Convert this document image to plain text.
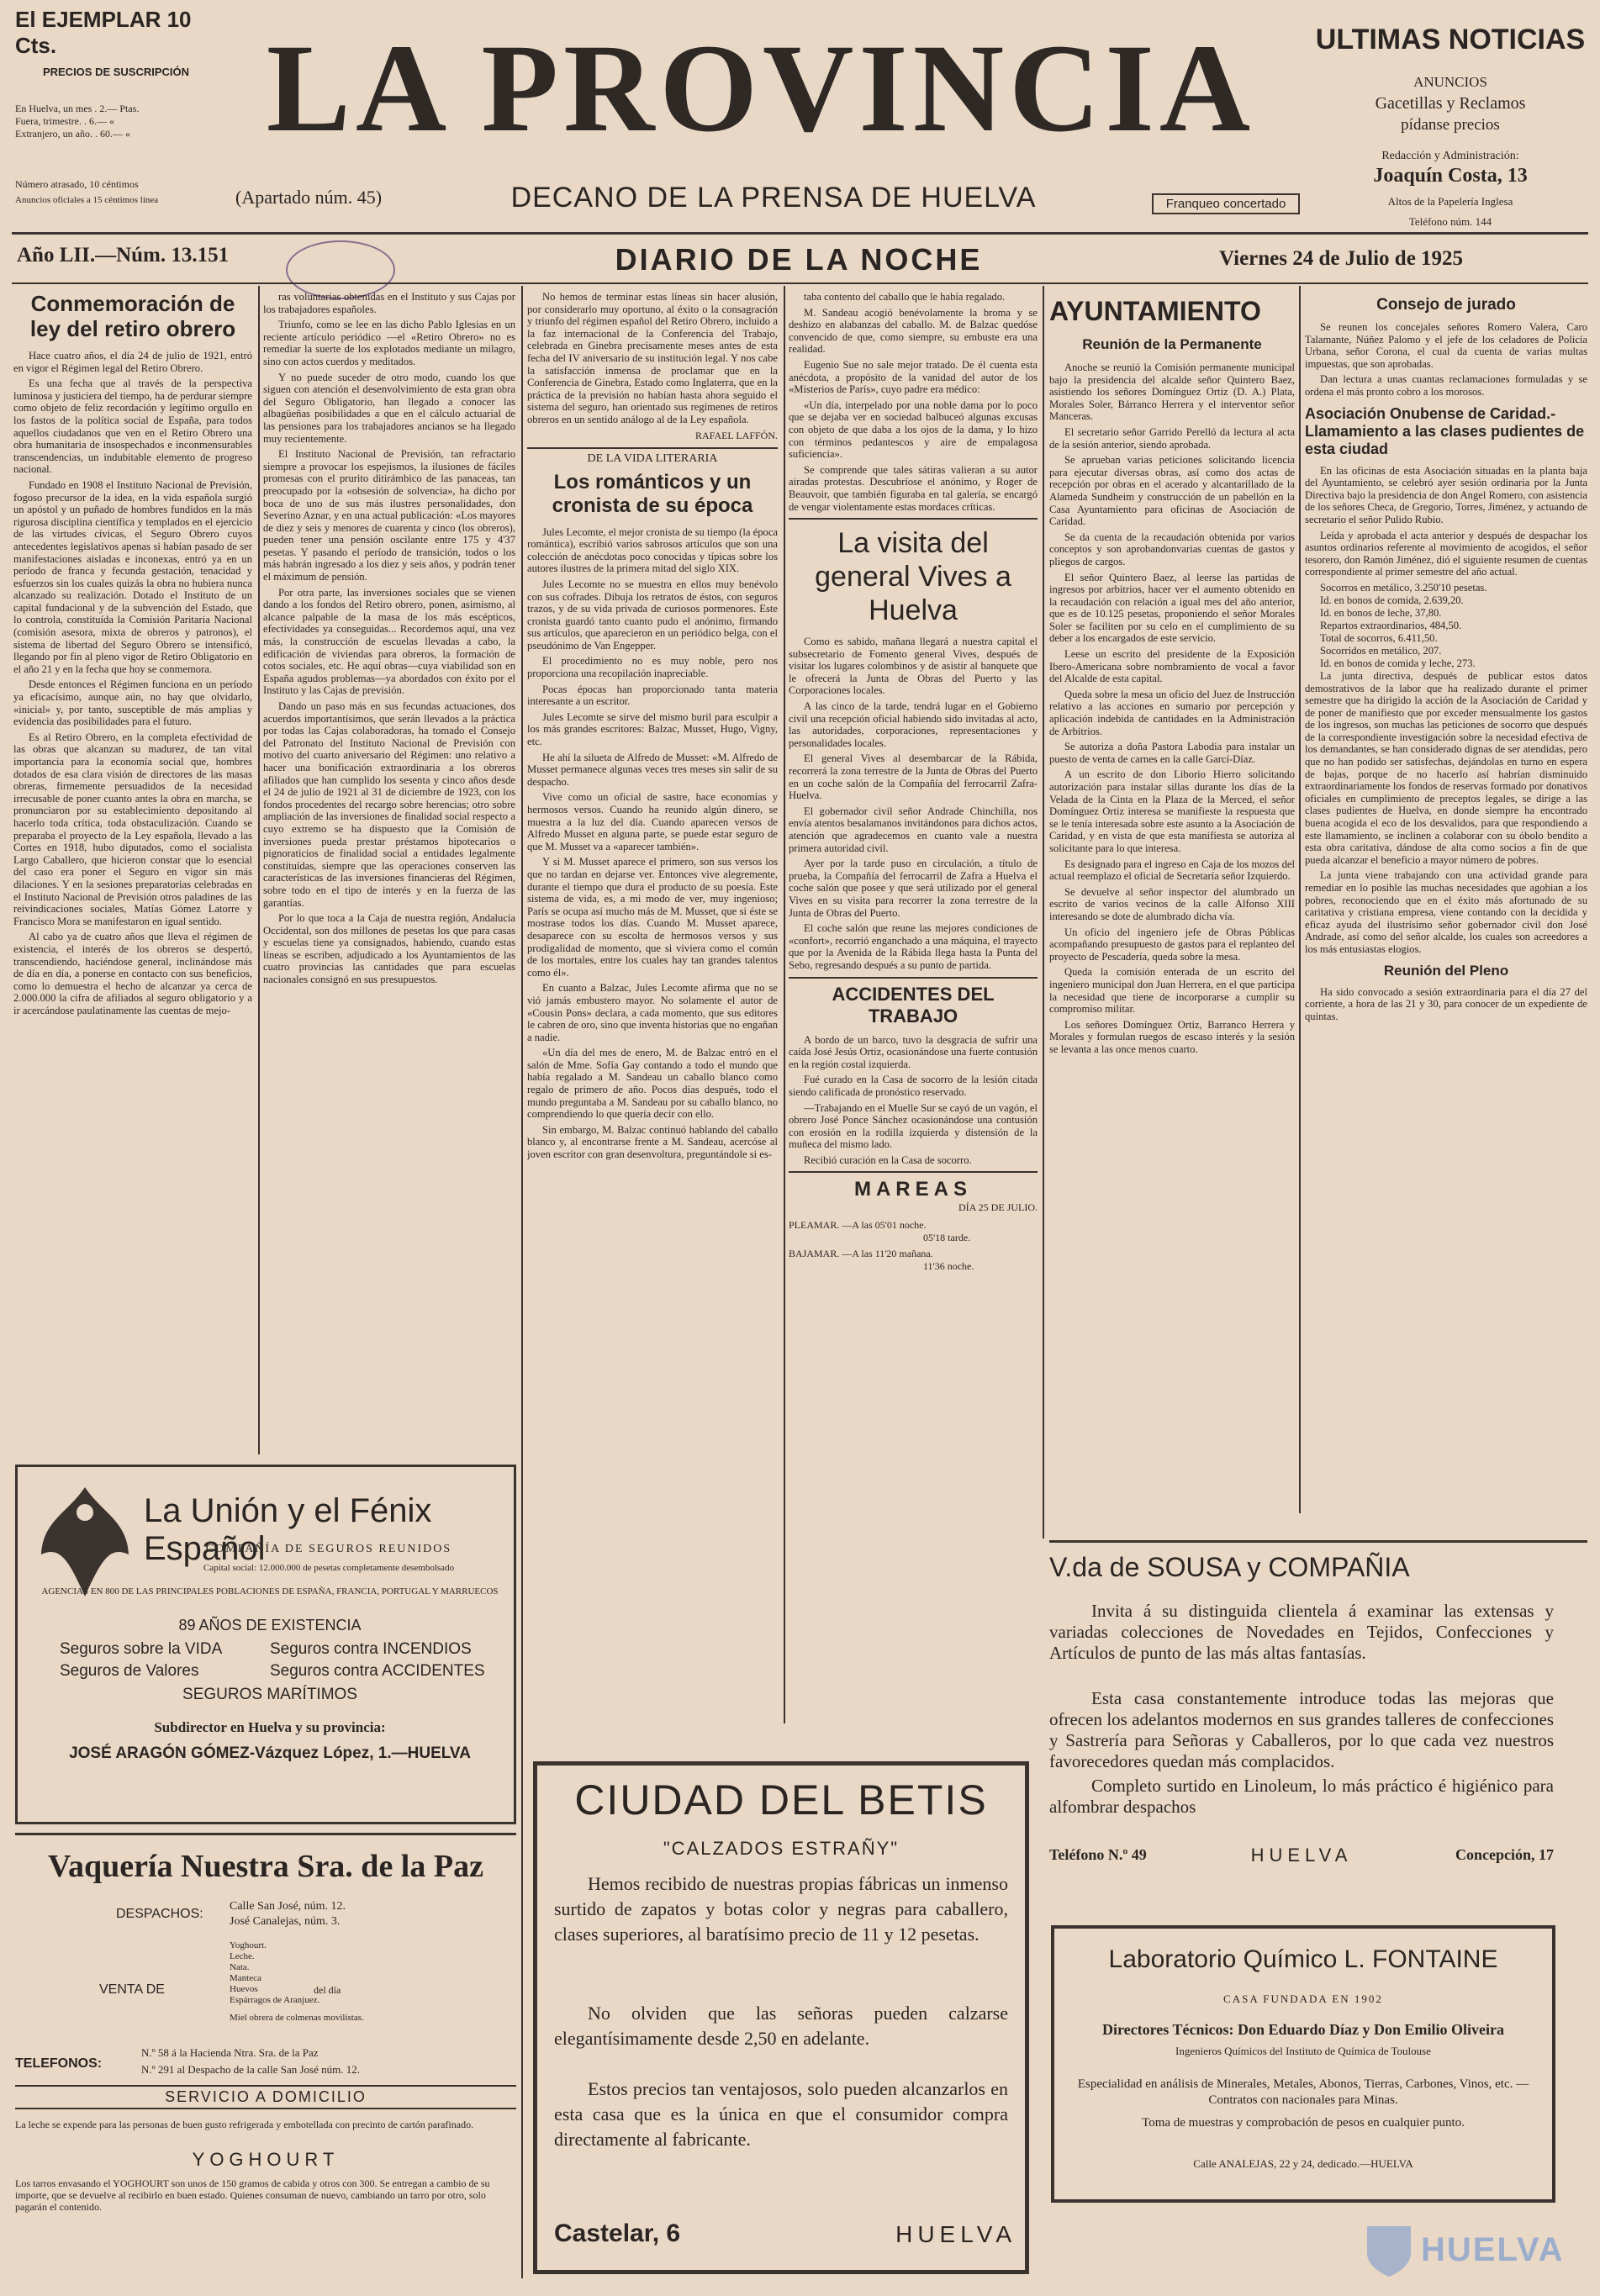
El EJEMPLAR 10 Cts.
PRECIOS DE SUSCRIPCIÓN
En Huelva, un mes . 2.— Ptas.
Fuera, trimestre. . 6.— «
Extranjero, un año. . 60.— «
Número atrasado, 10 céntimos
Anuncios oficiales a 15 céntimos línea
LA PROVINCIA
(Apartado núm. 45)	DECANO DE LA PRENSA DE HUELVA	Franqueo concertado
ULTIMAS NOTICIAS
ANUNCIOS
Gacetillas y Reclamos
pídanse precios
Redacción y Administración:
Joaquín Costa, 13
Altos de la Papelería Inglesa
Teléfono núm. 144
Año LII.—Núm. 13.151	DIARIO DE LA NOCHE	Viernes 24 de Julio de 1925
Conmemoración de ley del retiro obrero

Hace cuatro años, el día 24 de julio de 1921, entró en vigor el Régimen legal del Retiro Obrero.

Es una fecha que al través de la perspectiva luminosa y justiciera del tiempo, ha de perdurar siempre como objeto de feliz recordación y legítimo orgullo en los fastos de la política social de España, para todos aquellos ciudadanos que ven en el Retiro Obrero una obra humanitaria de insospechados e inconmensurables transcendencias, un indubitable elemento de progreso nacional.

Fundado en 1908 el Instituto Nacional de Previsión, fogoso precursor de la idea, en la vida española surgió un apóstol y un puñado de hombres fundidos en la más rigurosa disciplina científica y templados en el ejercicio de las virtudes cívicas, el Seguro Obrero cuyos antecedentes legislativos apenas si habían pasado de ser manifestaciones aisladas e inconexas, entró ya en un período de franca y fecunda gestación, tenacidad y esfuerzos sin los cuales quizás la obra no hubiera nunca alcanzado su realización. Dotado el Instituto de un capital fundacional y de la subvención del Estado, que lo controla, constituída la Comisión Paritaria Nacional (comisión asesora, mixta de obreros y patronos), el sistema de libertad del Seguro Obrero se intensificó, llegando por fin al pleno vigor de Retiro Obligatorio en el año 21 y en la fecha que hoy se conmemora.

Desde entonces el Régimen funciona en un período ya eficacísimo, aunque aún, no hay que olvidarlo, «inicial» y, por tanto, susceptible de más amplias y evidencia das posibilidades para el futuro.

Es al Retiro Obrero, en la completa efectividad de las obras que alcanzan su madurez, de tan vital importancia para la economía social que, hombres dotados de esa clara visión de directores de las masas obreras, firmemente persuadidos de la necesidad irrecusable de poner cuanto antes la obra en marcha, se pronunciaron por su establecimiento depositando al hacerlo toda crítica, toda obstaculización. Cuando se preparaba el proyecto de la Ley española, llevado a las Cortes en 1918, hubo diputados, como el socialista Largo Caballero, que hicieron constar que lo esencial del caso era poner el Seguro en vigor sin más dilaciones. Y en la sesiones preparatorias celebradas en el Instituto Nacional de Previsión otros paladines de las reivindicaciones sociales, Matías Gómez Latorre y Francisco Mora se manifestaron en igual sentido.

Al cabo ya de cuatro años que lleva el régimen de existencia, el interés de los obreros se despertó, transcendiendo, haciéndose general, inclinándose más de día en día, a ponerse en contacto con sus beneficios, como lo demuestra el hecho de alcanzar ya cerca de 2.000.000 la cifra de afiliados al seguro obligatorio y a ir acercándose paulatinamente las cuentas de mejo-

ras voluntarias obtenidas en el Instituto y sus Cajas por los trabajadores españoles.

Triunfo, como se lee en las dicho Pablo Iglesias en un reciente artículo periódico —el «Retiro Obrero» no es remediar la suerte de los explotados mediante un milagro, sino con actos cuerdos y meditados.

Y no puede suceder de otro modo, cuando los que siguen con atención el desenvolvimiento de esta gran obra del Seguro Obligatorio, han llegado a conocer las albagüeñas posibilidades a que en el cálculo actuarial de las pensiones para los trabajadores ancianos se ha llegado muy recientemente.

El Instituto Nacional de Previsión, tan refractario siempre a provocar los espejismos, la ilusiones de fáciles promesas con el prurito ditirámbico de las panaceas, tan preocupado por la «obsesión de solvencia», ha dicho por boca de uno de sus más ilustres personalidades, don Severino Aznar, y en una actual publicación: «Los mayores de diez y seis y menores de cuarenta y cinco (los obreros), pueden tener una pensión oscilante entre 175 y 4'37 pesetas. Y pasando el período de transición, todos o los más habrán ingresado a los diez y seis años, y podrán tener el máximum de pensión.

Por otra parte, las inversiones sociales que se vienen dando a los fondos del Retiro obrero, ponen, asimismo, al alcance palpable de la masa de los más escépticos, efectividades ya conseguidas... Recordemos aquí, una vez más, la construcción de escuelas llevadas a cabo, la edificación de viviendas para obreros, la formación de cotos sociales, etc. He aquí obras—cuya viabilidad son en España agudos problemas—ya abordados con éxito por el Instituto y las Cajas de previsión.

Dando un paso más en sus fecundas actuaciones, dos acuerdos importantísimos, que serán llevados a la práctica por todas las Cajas colaboradoras, ha tomado el Consejo del Patronato del Instituto Nacional de Previsión con motivo del cuarto aniversario del Régimen: uno relativo a hacer una bonificación extraordinaria a los obreros afiliados que han cumplido los sesenta y cinco años desde el 24 de julio de 1921 al 31 de diciembre de 1923, con los fondos procedentes del recargo sobre herencias; otro sobre ampliación de las inversiones de finalidad social respecto a cuyo extremo se ha dispuesto que la Comisión de inversiones pueda prestar préstamos hipotecarios o pignoraticios de finalidad social a entidades legalmente constituídas, siempre que las operaciones conserven las características de las inversiones financieras del Régimen, sobre todo en el tipo de interés y en la fuerza de las garantías.

Por lo que toca a la Caja de nuestra región, Andalucía Occidental, son dos millones de pesetas los que para casas y escuelas tiene ya consignados, habiendo, cuando estas líneas se escriben, adjudicado a los Ayuntamientos de las cuatro provincias las cantidades que para escuelas nacionales consignó en sus presupuestos.

No hemos de terminar estas líneas sin hacer alusión, por considerarlo muy oportuno, al éxito o la consagración y triunfo del régimen español del Retiro Obrero, incluido a la faz internacional de la Conferencia del Trabajo, celebrada en Ginebra precisamente meses antes de esta fecha del IV aniversario de su institución legal. Y nos cabe la satisfacción inmensa de proclamar que en la Conferencia de Ginebra, Estado como Inglaterra, que en la práctica de la previsión no habían hasta ahora seguido el sistema del seguro, han orientado sus regímenes de retiros obreros en un sentido análogo al de la Ley española.

RAFAEL LAFFÓN.
DE LA VIDA LITERARIA
Los románticos y un cronista de su época

Jules Lecomte, el mejor cronista de su tiempo (la época romántica), escribió varios sabrosos artículos que son una colección de anécdotas poco conocidas y típicas sobre los autores ilustres de la primera mitad del siglo XIX.

Jules Lecomte no se muestra en ellos muy benévolo con sus cofrades. Dibuja los retratos de éstos, con seguros trazos, y de su vida privada de curiosos pormenores. Este cronista guardó tanto cuanto pudo el anónimo, firmando sus artículos, que aparecieron en un periódico belga, con el pseudónimo de Van Engepper.

El procedimiento no es muy noble, pero nos proporciona una recopilación inapreciable.

Pocas épocas han proporcionado tanta materia interesante a un escritor.

Jules Lecomte se sirve del mismo buril para esculpir a los más grandes escritores: Balzac, Musset, Hugo, Vigny, etc.

He ahí la silueta de Alfredo de Musset: «M. Alfredo de Musset permanece algunas veces tres meses sin salir de su despacho.

Vive como un oficial de sastre, hace economías y hermosos versos. Cuando ha reunido algún dinero, se muestra a la luz del día. Cuando aparecen versos de Alfredo Musset en alguna parte, se puede estar seguro de que M. Musset va a «aparecer también».

Y si M. Musset aparece el primero, son sus versos los que no tardan en dejarse ver. Entonces vive alegremente, durante el tiempo que dura el producto de su poesía. Este sistema de vida, es, a mi modo de ver, muy ingenioso; París se ocupa así mucho más de M. Musset, que si éste se mostrase todos los días. Cuando M. Musset aparece, desaparece con su escolta de hermosos versos y sus prodigalidad de momento, que si viviera como el común de los mortales, entre los cuales hay tan grandes talentos como él».

En cuanto a Balzac, Jules Lecomte afirma que no se vió jamás embustero mayor. No solamente el autor de «Cousin Pons» declara, a cada momento, que sus editores le cabren de oro, sino que inventa historias que no engañan a nadie.

«Un día del mes de enero, M. de Balzac entró en el salón de Mme. Sofía Gay contando a todo el mundo que había regalado a M. Sandeau un caballo blanco como regalo de primero de año. Pocos días después, todo el mundo preguntaba a M. Sandeau por su caballo blanco, no comprendiendo lo que quería decir con ello.

Sin embargo, M. Balzac continuó hablando del caballo blanco y, al encontrarse frente a M. Sandeau, acercóse al joven escritor con gran desenvoltura, preguntándole si es-

taba contento del caballo que le había regalado.

M. Sandeau acogió benévolamente la broma y se deshizo en alabanzas del caballo. M. de Balzac quedóse convencido de que, como siempre, su embuste era una realidad.

Eugenio Sue no sale mejor tratado. De él cuenta esta anécdota, a propósito de la vanidad del autor de los «Misterios de París», cuyo padre era médico:

«Un día, interpelado por una noble dama por lo poco que se dejaba ver en sociedad balbuceó algunas excusas con objeto de que daba a los ojos de la dama, y lo hizo con términos pedantescos y aire de empalagosa suficiencia».

Se comprende que tales sátiras valieran a su autor airadas protestas. Descubríose el anónimo, y Roger de Beauvoir, que también figuraba en tal galería, se encargó de vengar violentamente estas mordaces críticas.

La visita del general Vives a Huelva

Como es sabido, mañana llegará a nuestra capital el subsecretario de Fomento general Vives, después de visitar los lugares colombinos y de asistir al banquete que le ofrecerá la Junta de Obras del Puerto y las Corporaciones locales.

A las cinco de la tarde, tendrá lugar en el Gobierno civil una recepción oficial habiendo sido invitadas al acto, las autoridades, corporaciones, representaciones y personalidades locales.

El general Vives al desembarcar de la Rábida, recorrerá la zona terrestre de la Junta de Obras del Puerto en un coche salón de la Compañía del ferrocarril Zafra-Huelva.

El gobernador civil señor Andrade Chinchilla, nos envía atentos besalamanos invitándonos para dichos actos, atención que agradecemos en cuanto vale a nuestra primera autoridad civil.

Ayer por la tarde puso en circulación, a título de prueba, la Compañía del ferrocarril de Zafra a Huelva el coche salón que posee y que será utilizado por el general Vives en su visita para recorrer la zona terrestre de la Junta de Obras del Puerto.

El coche salón que reune las mejores condiciones de «confort», recorrió enganchado a una máquina, el trayecto que por la Avenida de la Rábida llega hasta la Punta del Sebo, regresando después a su punto de partida.

ACCIDENTES DEL TRABAJO

A bordo de un barco, tuvo la desgracia de sufrir una caída José Jesús Ortiz, ocasionándose una fuerte contusión en la región costal izquierda.

Fué curado en la Casa de socorro de la lesión citada siendo calificada de pronóstico reservado.

—Trabajando en el Muelle Sur se cayó de un vagón, el obrero José Ponce Sánchez ocasionándose una contusión con erosión en la rodilla izquierda y distensión de la muñeca del mismo lado.

Recibió curación en la Casa de socorro.

MAREAS
DÍA 25 DE JULIO.
PLEAMAR. —A las 05'01 noche.
05'18 tarde.
BAJAMAR. —A las 11'20 mañana.
11'36 noche.
AYUNTAMIENTO
Reunión de la Permanente

Anoche se reunió la Comisión permanente municipal bajo la presidencia del alcalde señor Quintero Baez, asistiendo los señores Domínguez Ortiz (D. A.) Plata, Morales Soler, Bárranco Herrera y el interventor señor Manceras.

El secretario señor Garrido Perelló da lectura al acta de la sesión anterior, siendo aprobada.

Se aprueban varias peticiones solicitando licencia para ejecutar diversas obras, así como dos actas de recepción por obras en el acerado y alcantarillado de la Alameda Sundheim y construcción de un pabellón en la Casa Ayuntamiento para oficinas de Asociación de Caridad.

Se da cuenta de la recaudación obtenida por varios conceptos y son aprobandonvarias cuentas de gastos y pliegos de cargos.

El señor Quintero Baez, al leerse las partidas de ingresos por arbitrios, hacer ver el aumento obtenido en la recaudación con relación a igual mes del año anterior, que es de 10.125 pesetas, proponiendo el señor Morales Soler se faciliten por su celo en el cumplimiento de su deber a los encargados de este servicio.

Leese un escrito del presidente de la Exposición Ibero-Americana sobre nombramiento de vocal a favor del Alcalde de esta capital.

Queda sobre la mesa un oficio del Juez de Instrucción relativo a las acciones en sumario por percepción y aplicación indebida de cantidades en la Administración de Arbitrios.

Se autoriza a doña Pastora Labodia para instalar un puesto de venta de carnes en la calle Garcí-Díaz.

A un escrito de don Liborio Hierro solicitando autorización para instalar sillas durante los días de la Velada de la Cinta en la Plaza de la Merced, el señor Domínguez Ortiz interesa se manifieste la respuesta que se le tenía interesada sobre este asunto a la Asociación de Caridad, y en vista de que esta manifiesta se autoriza al solicitante para lo que interesa.

Es designado para el ingreso en Caja de los mozos del actual reemplazo el oficial de Secretaría señor Izquierdo.

Se devuelve al señor inspector del alumbrado un escrito de varios vecinos de la calle Alfonso XIII interesando se dote de alumbrado dicha vía.

Un oficio del ingeniero jefe de Obras Públicas acompañando presupuesto de gastos para el replanteo del proyecto de Pescadería, queda sobre la mesa.

Queda la comisión enterada de un escrito del ingeniero municipal don Juan Herrera, en el que participa la necesidad que tiene de incorporarse a cumplir su compromiso militar.

Los señores Domínguez Ortiz, Barranco Herrera y Morales y formulan ruegos de escaso interés y la sesión se levanta a las once menos cuarto.

Consejo de jurado

Se reunen los concejales señores Romero Valera, Caro Talamante, Núñez Palomo y el jefe de los celadores de Policía Urbana, señor Corona, el cual da cuenta de varias multas impuestas, que son aprobadas.

Dan lectura a unas cuantas reclamaciones formuladas y se ordena el más pronto cobro a los morosos.

Asociación Onubense de Caridad.-Llamamiento a las clases pudientes de esta ciudad

En las oficinas de esta Asociación situadas en la planta baja del Ayuntamiento, se celebró ayer sesión ordinaria por la Junta Directiva bajo la presidencia de don Angel Romero, con asistencia de los señores Checa, de Gregorio, Torres, Jiménez, y actuando de secretario el señor Pulido Rubio.

Leída y aprobada el acta anterior y después de despachar los asuntos ordinarios referente al movimiento de acogidos, el señor tesorero, don Ramón Jiménez, dió el siguiente resumen de cuentas correspondiente al primer semestre del año actual.

Socorros en metálico, 3.250'10 pesetas.
Id. en bonos de comida, 2.639,20.
Id. en bonos de leche, 37,80.
Repartos extraordinarios, 484,50.
Total de socorros, 6.411,50.
Socorridos en metálico, 207.
Id. en bonos de comida y leche, 273.

La junta directiva, después de publicar estos datos demostrativos de la labor que ha realizado durante el primer semestre que ha dirigido la acción de la Asociación de Caridad y de poner de manifiesto que por exceder mensualmente los gastos de los ingresos, son muchas las peticiones de socorro que después de la correspondiente investigación sobre la necesidad efectiva de los demandantes, se han considerado dignas de ser atendidas, pero que no han podido ser satisfechas, dejándolas en turno en espera de bajas, porque de no hacerlo así habrían disminuido extraordinariamente los fondos de reservas formado por donativos oficiales en cumplimiento de preceptos legales, se dirige a las clases pudientes de Huelva, en donde siempre ha encontrado buena acogida el eco de los desvalidos, para que respondiendo a este llamamiento, se inclinen a colaborar con su óbolo bendito a esta obra caritativa, dándose de alta como socios a fin de que pueda alcanzar el beneficio a mayor número de pobres.

La junta viene trabajando con una actividad grande para remediar en lo posible las muchas necesidades que agobian a los pobres, reconociendo que en el éxito más afortunado de su caritativa y cristiana empresa, viene contando con la decidida y eficaz ayuda del ilustrísimo señor gobernador civil don José Andrade, así como del señor alcalde, los cuales son acreedores a los más entusiastas elogios.

Reunión del Pleno

Ha sido convocado a sesión extraordinaria para el día 27 del corriente, a hora de las 21 y 30, para conocer de un expediente de quintas.

La Unión y el Fénix Español
COMPAÑÍA DE SEGUROS REUNIDOS
Capital social: 12.000.000 de pesetas completamente desembolsado
AGENCIAS EN 800 DE LAS PRINCIPALES POBLACIONES DE ESPAÑA, FRANCIA, PORTUGAL Y MARRUECOS
89 AÑOS DE EXISTENCIA
Seguros sobre la VIDA	Seguros contra INCENDIOS
Seguros de Valores	Seguros contra ACCIDENTES
SEGUROS MARÍTIMOS
Subdirector en Huelva y su provincia:
JOSÉ ARAGÓN GÓMEZ-Vázquez López, 1.—HUELVA
Vaquería Nuestra Sra. de la Paz
DESPACHOS:
Calle San José, núm. 12.
José Canalejas, núm. 3.
VENTA DE
Yoghourt.
Leche.
Nata.
Manteca
Huevos
Espárragos de Aranjuez.
del día
Miel obrera de colmenas movilistas.
TELEFONOS:
N.º 58 á la Hacienda Ntra. Sra. de la Paz
N.º 291 al Despacho de la calle San José núm. 12.
SERVICIO A DOMICILIO
La leche se expende para las personas de buen gusto refrigerada y embotellada con precinto de cartón parafinado.
YOGHOURT
Los tarros envasando el YOGHOURT son unos de 150 gramos de cabida y otros con 300. Se entregan a cambio de su importe, que se devuelve al recibirlo en buen estado. Quienes consuman de nuevo, cambiando un tarro por otro, solo pagarán el contenido.
CIUDAD DEL BETIS
"CALZADOS ESTRAÑY"
Hemos recibido de nuestras propias fábricas un inmenso surtido de zapatos y botas color y negras para caballero, clases superiores, al baratísimo precio de 11 y 12 pesetas.
No olviden que las señoras pueden calzarse elegantísimamente desde 2,50 en adelante.
Estos precios tan ventajosos, solo pueden alcanzarlos en esta casa que es la única en que el consumidor compra directamente al fabricante.
Castelar, 6	HUELVA
V.da de SOUSA y COMPAÑIA
Invita á su distinguida clientela á examinar las extensas y variadas colecciones de Novedades en Tejidos, Confecciones y Artículos de punto de las más altas fantasías.
Esta casa constantemente introduce todas las mejoras que ofrecen los adelantos modernos en sus grandes talleres de confecciones y Sastrería para Señoras y Caballeros, por lo que cada vez nuestros favorecedores quedan más complacidos.
Completo surtido en Linoleum, lo más práctico é higiénico para alfombrar despachos
Teléfono N.º 49	HUELVA	Concepción, 17
Laboratorio Químico L. FONTAINE
CASA FUNDADA EN 1902
Directores Técnicos: Don Eduardo Díaz y Don Emilio Oliveira
Ingenieros Químicos del Instituto de Química de Toulouse
Especialidad en análisis de Minerales, Metales, Abonos, Tierras, Carbones, Vinos, etc. — Contratos con nacionales para Minas.
Toma de muestras y comprobación de pesos en cualquier punto.
Calle ANALEJAS, 22 y 24, dedicado.—HUELVA
HUELVA
